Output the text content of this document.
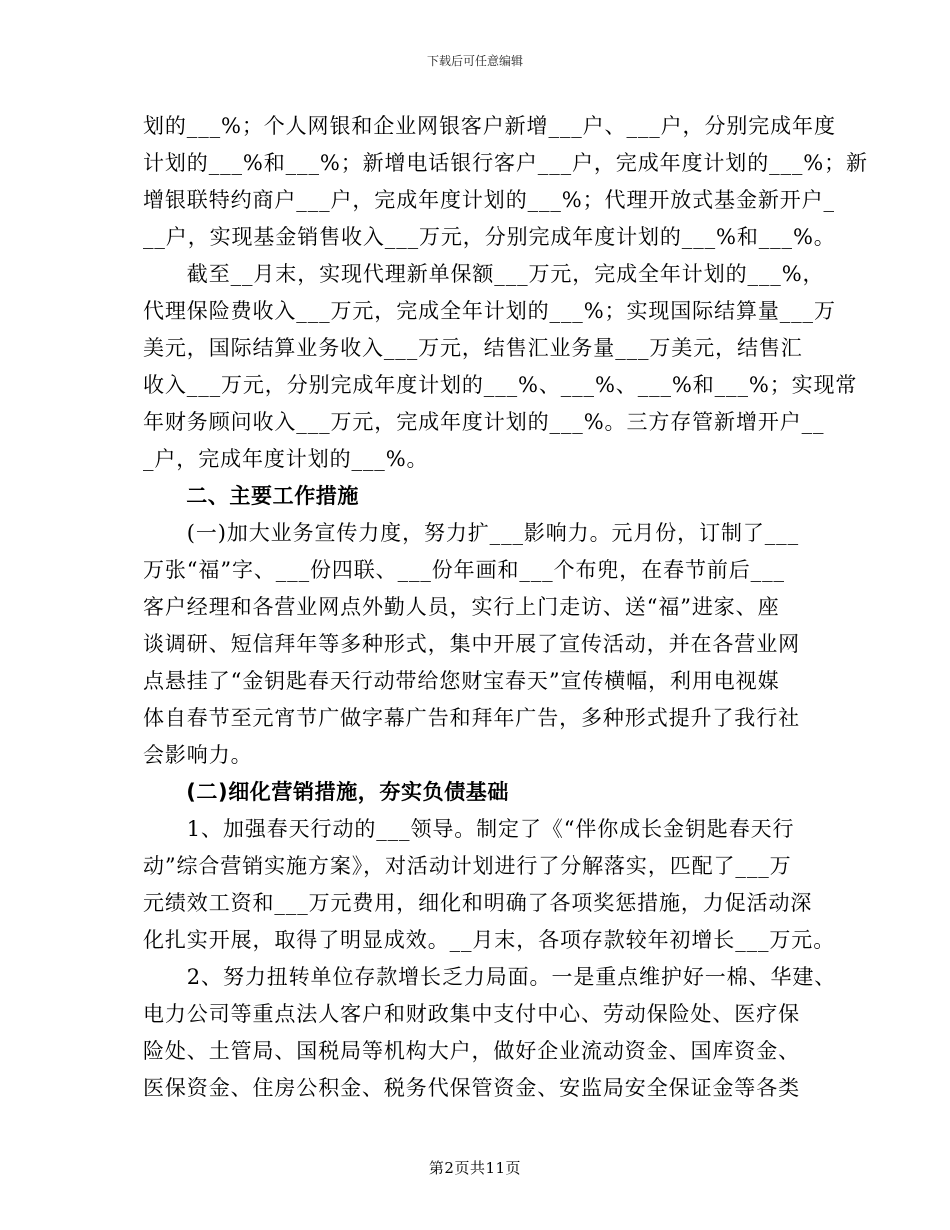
下载后可任意编辑
划的___%；个人网银和企业网银客户新增___户、___户，分别完成年度
计划的___%和___%；新增电话银行客户___户，完成年度计划的___%；新
增银联特约商户___户，完成年度计划的___%；代理开放式基金新开户_
__户，实现基金销售收入___万元，分别完成年度计划的___%和___%。
　　截至__月末，实现代理新单保额___万元，完成全年计划的___%，
代理保险费收入___万元，完成全年计划的___%；实现国际结算量___万
美元，国际结算业务收入___万元，结售汇业务量___万美元，结售汇
收入___万元，分别完成年度计划的___%、___%、___%和___%；实现常
年财务顾问收入___万元，完成年度计划的___%。三方存管新增开户__
_户，完成年度计划的___%。
　　二、主要工作措施
　　(一)加大业务宣传力度，努力扩___影响力。元月份，订制了___
万张“福”字、___份四联、___份年画和___个布兜，在春节前后___
客户经理和各营业网点外勤人员，实行上门走访、送“福”进家、座
谈调研、短信拜年等多种形式，集中开展了宣传活动，并在各营业网
点悬挂了“金钥匙春天行动带给您财宝春天”宣传横幅，利用电视媒
体自春节至元宵节广做字幕广告和拜年广告，多种形式提升了我行社
会影响力。
　　(二)细化营销措施，夯实负债基础
　　1、加强春天行动的___领导。制定了《“伴你成长金钥匙春天行
动”综合营销实施方案》，对活动计划进行了分解落实，匹配了___万
元绩效工资和___万元费用，细化和明确了各项奖惩措施，力促活动深
化扎实开展，取得了明显成效。__月末，各项存款较年初增长___万元。
　　2、努力扭转单位存款增长乏力局面。一是重点维护好一棉、华建、
电力公司等重点法人客户和财政集中支付中心、劳动保险处、医疗保
险处、土管局、国税局等机构大户，做好企业流动资金、国库资金、
医保资金、住房公积金、税务代保管资金、安监局安全保证金等各类
第2页共11页
